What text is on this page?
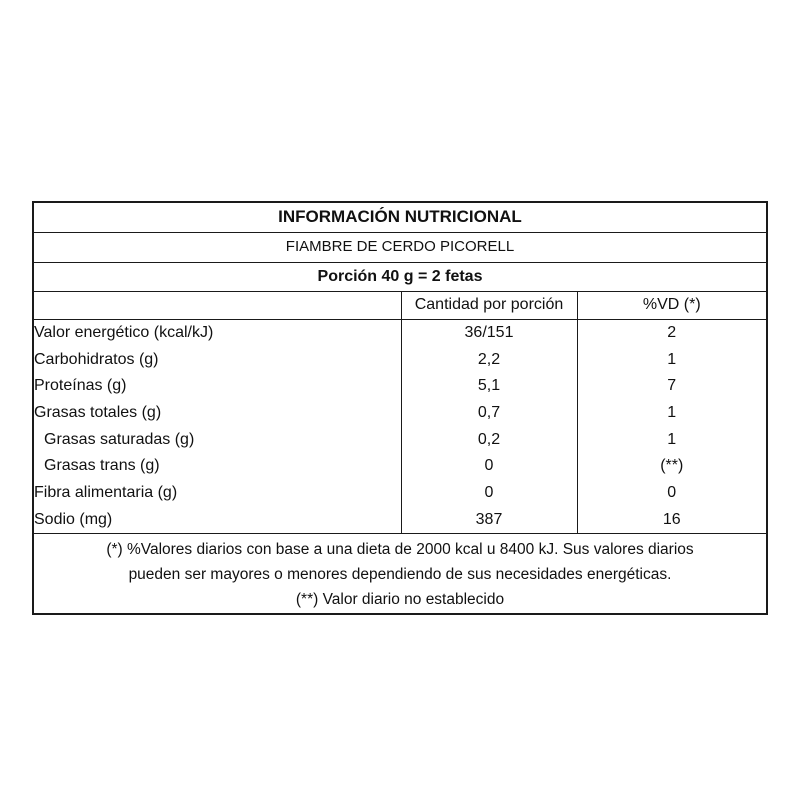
INFORMACIÓN NUTRICIONAL
FIAMBRE DE CERDO PICORELL
Porción 40 g = 2 fetas
	Cantidad por porción	%VD (*)
Valor energético (kcal/kJ)	36/151	2
Carbohidratos (g)	2,2	1
Proteínas (g)	5,1	7
Grasas totales (g)	0,7	1
Grasas saturadas (g)	0,2	1
Grasas trans (g)	0	(**)
Fibra alimentaria (g)	0	0
Sodio (mg)	387	16
(*) %Valores diarios con base a una dieta de 2000 kcal u 8400 kJ. Sus valores diarios
pueden ser mayores o menores dependiendo de sus necesidades energéticas.
(**) Valor diario no establecido
